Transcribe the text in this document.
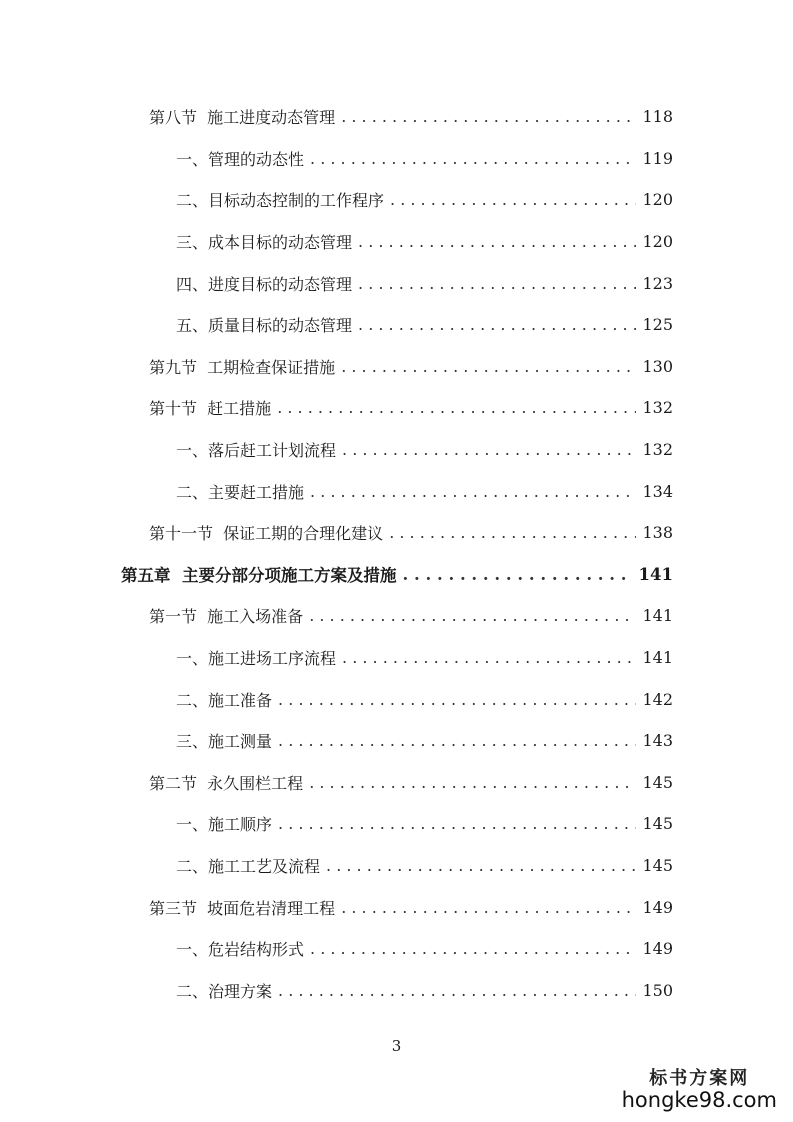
第八节  施工进度动态管理 . . .	118
一、管理的动态性 . . .	119
二、目标动态控制的工作程序 . . .	120
三、成本目标的动态管理 . . .	120
四、进度目标的动态管理 . . .	123
五、质量目标的动态管理 . . .	125
第九节  工期检查保证措施 . . .	130
第十节  赶工措施 . . .	132
一、落后赶工计划流程 . . .	132
二、主要赶工措施 . . .	134
第十一节  保证工期的合理化建议 . . .	138
第五章  主要分部分项施工方案及措施 . . .	141
第一节  施工入场准备 . . .	141
一、施工进场工序流程 . . .	141
二、施工准备 . . .	142
三、施工测量 . . .	143
第二节  永久围栏工程 . . .	145
一、施工顺序 . . .	145
二、施工工艺及流程 . . .	145
第三节  坡面危岩清理工程 . . .	149
一、危岩结构形式 . . .	149
二、治理方案 . . .	150
3
标书方案网
hongke98.com
